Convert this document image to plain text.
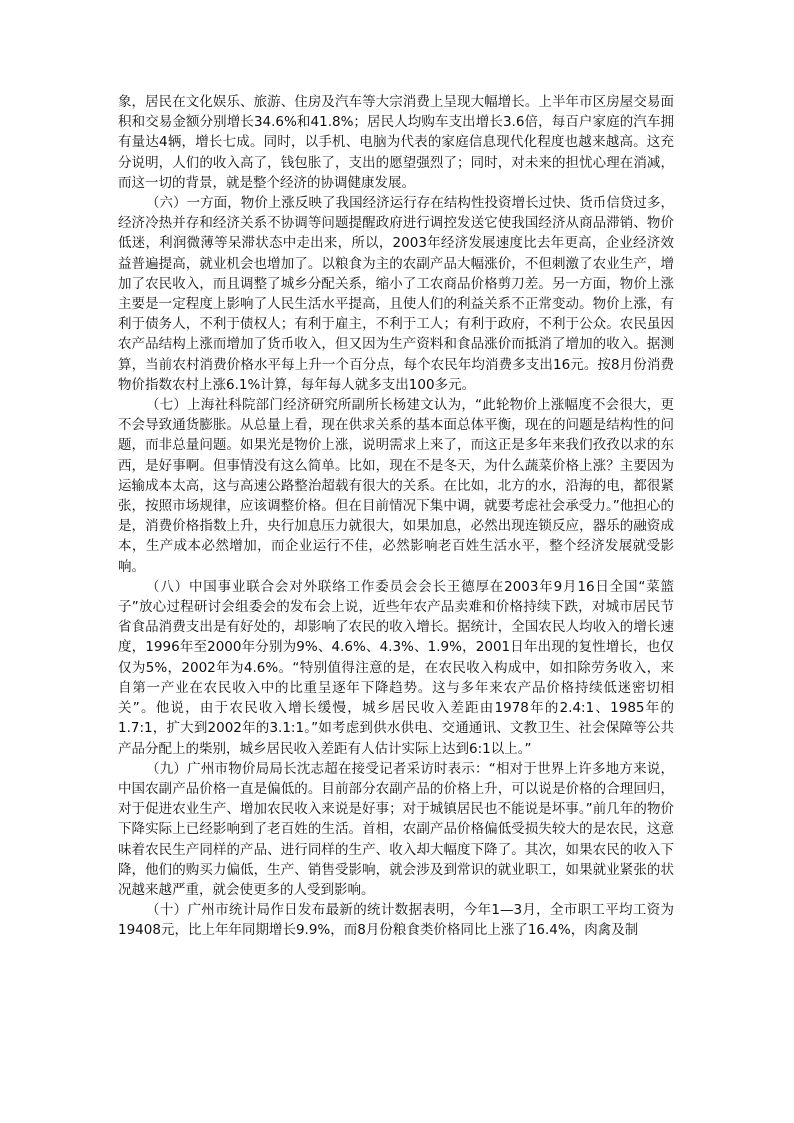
象，居民在文化娱乐、旅游、住房及汽车等大宗消费上呈现大幅增长。上半年市区房屋交易面积和交易金额分别增长34.6%和41.8%；居民人均购车支出增长3.6倍，每百户家庭的汽车拥有量达4辆，增长七成。同时，以手机、电脑为代表的家庭信息现代化程度也越来越高。这充分说明，人们的收入高了，钱包胀了，支出的愿望强烈了；同时，对未来的担忧心理在消减，而这一切的背景，就是整个经济的协调健康发展。

（六）一方面，物价上涨反映了我国经济运行存在结构性投资增长过快、货币信贷过多，经济冷热并存和经济关系不协调等问题提醒政府进行调控发送它使我国经济从商品滞销、物价低迷，利润微薄等呆滞状态中走出来，所以，2003年经济发展速度比去年更高，企业经济效益普遍提高，就业机会也增加了。以粮食为主的农副产品大幅涨价，不但刺激了农业生产，增加了农民收入，而且调整了城乡分配关系，缩小了工农商品价格剪刀差。另一方面，物价上涨主要是一定程度上影响了人民生活水平提高，且使人们的利益关系不正常变动。物价上涨，有利于债务人，不利于债权人；有利于雇主，不利于工人；有利于政府，不利于公众。农民虽因农产品结构上涨而增加了货币收入，但又因为生产资料和食品涨价而抵消了增加的收入。据测算，当前农村消费价格水平每上升一个百分点，每个农民年均消费多支出16元。按8月份消费物价指数农村上涨6.1%计算，每年每人就多支出100多元。

（七）上海社科院部门经济研究所副所长杨建文认为，“此轮物价上涨幅度不会很大，更不会导致通货膨胀。从总量上看，现在供求关系的基本面总体平衡，现在的问题是结构性的问题，而非总量问题。如果光是物价上涨，说明需求上来了，而这正是多年来我们孜孜以求的东西，是好事啊。但事情没有这么简单。比如，现在不是冬天，为什么蔬菜价格上涨？主要因为运输成本太高，这与高速公路整治超载有很大的关系。在比如，北方的水，沿海的电，都很紧张，按照市场规律，应该调整价格。但在目前情况下集中调，就要考虑社会承受力。”他担心的是，消费价格指数上升，央行加息压力就很大，如果加息，必然出现连锁反应，器乐的融资成本，生产成本必然增加，而企业运行不佳，必然影响老百姓生活水平，整个经济发展就受影响。

（八）中国事业联合会对外联络工作委员会会长王德厚在2003年9月16日全国“菜篮子”放心过程研讨会组委会的发布会上说，近些年农产品卖难和价格持续下跌，对城市居民节省食品消费支出是有好处的，却影响了农民的收入增长。据统计，全国农民人均收入的增长速度，1996年至2000年分别为9%、4.6%、4.3%、1.9%，2001日年出现的复性增长，也仅仅为5%，2002年为4.6%。“特别值得注意的是，在农民收入构成中，如扣除劳务收入，来自第一产业在农民收入中的比重呈逐年下降趋势。这与多年来农产品价格持续低迷密切相关”。他说，由于农民收入增长缓慢，城乡居民收入差距由1978年的2.4:1、1985年的1.7:1，扩大到2002年的3.1:1。”如考虑到供水供电、交通通讯、文教卫生、社会保障等公共产品分配上的柴别，城乡居民收入差距有人估计实际上达到6:1以上。”

（九）广州市物价局局长沈志超在接受记者采访时表示：“相对于世界上许多地方来说，中国农副产品价格一直是偏低的。目前部分农副产品的价格上升，可以说是价格的合理回归，对于促进农业生产、增加农民收入来说是好事；对于城镇居民也不能说是坏事。”前几年的物价下降实际上已经影响到了老百姓的生活。首相，农副产品价格偏低受损失较大的是农民，这意味着农民生产同样的产品、进行同样的生产、收入却大幅度下降了。其次，如果农民的收入下降，他们的购买力偏低，生产、销售受影响，就会涉及到常识的就业职工，如果就业紧张的状况越来越严重，就会使更多的人受到影响。

（十）广州市统计局作日发布最新的统计数据表明，今年1—3月，全市职工平均工资为19408元，比上年年同期增长9.9%，而8月份粮食类价格同比上涨了16.4%，肉禽及制
